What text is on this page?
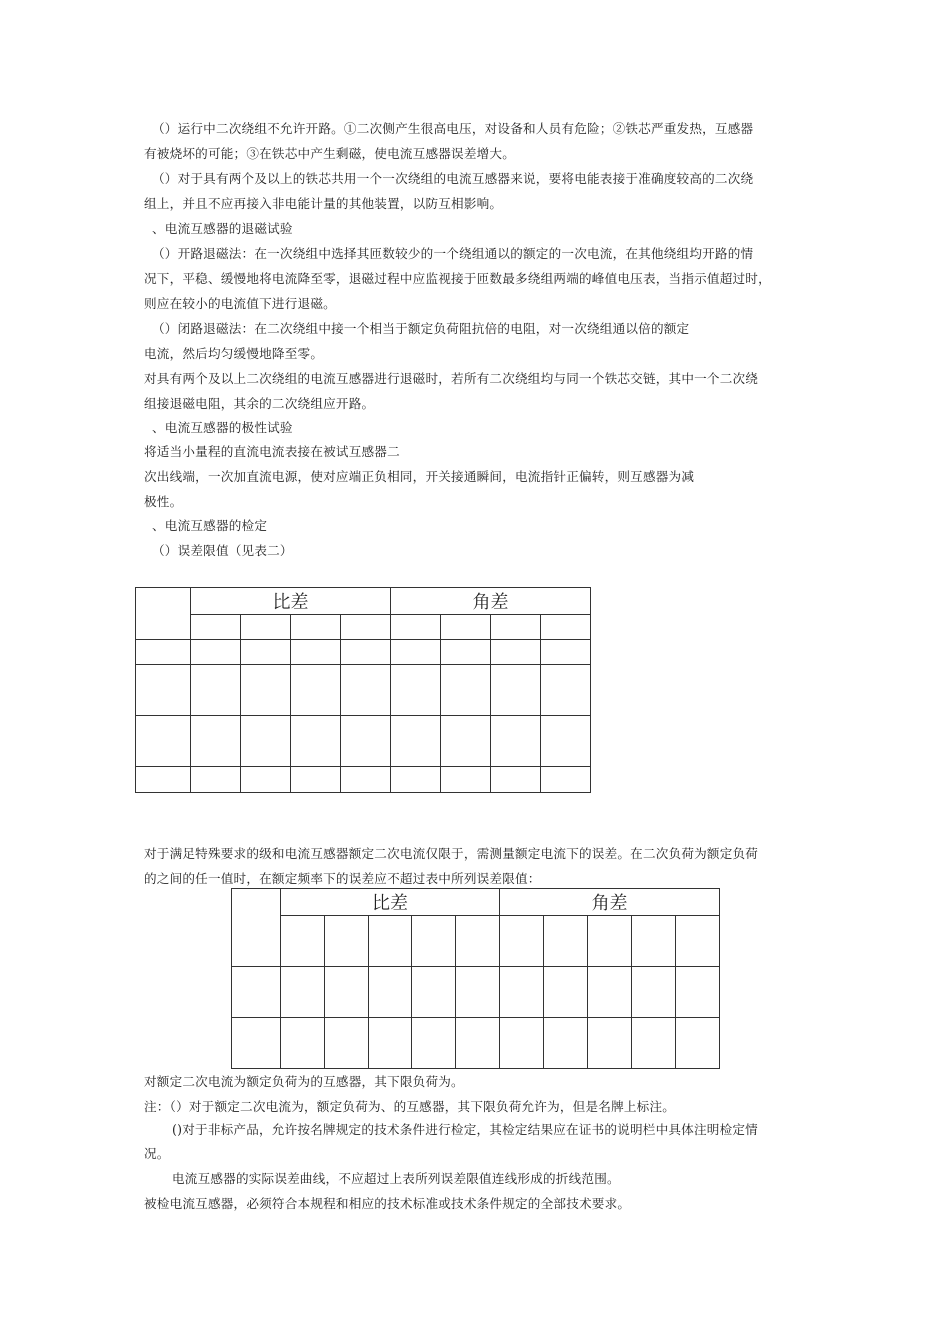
（）运行中二次绕组不允许开路。①二次侧产生很高电压，对设备和人员有危险；②铁芯严重发热，互感器
有被烧坏的可能；③在铁芯中产生剩磁，使电流互感器误差增大。
（）对于具有两个及以上的铁芯共用一个一次绕组的电流互感器来说，要将电能表接于准确度较高的二次绕
组上，并且不应再接入非电能计量的其他装置，以防互相影响。
、电流互感器的退磁试验
（）开路退磁法：在一次绕组中选择其匝数较少的一个绕组通以的额定的一次电流，在其他绕组均开路的情
况下，平稳、缓慢地将电流降至零，退磁过程中应监视接于匝数最多绕组两端的峰值电压表，当指示值超过时，
则应在较小的电流值下进行退磁。
（）闭路退磁法：在二次绕组中接一个相当于额定负荷阻抗倍的电阻，对一次绕组通以倍的额定
电流，然后均匀缓慢地降至零。
对具有两个及以上二次绕组的电流互感器进行退磁时，若所有二次绕组均与同一个铁芯交链，其中一个二次绕
组接退磁电阻，其余的二次绕组应开路。
、电流互感器的极性试验
将适当小量程的直流电流表接在被试互感器二
次出线端，一次加直流电源，使对应端正负相同，开关接通瞬间，电流指针正偏转，则互感器为减
极性。
、电流互感器的检定
（）误差限值（见表二）
	比差				角差			

对于满足特殊要求的级和电流互感器额定二次电流仅限于，需测量额定电流下的误差。在二次负荷为额定负荷
的之间的任一值时，在额定频率下的误差应不超过表中所列误差限值：
	比差					角差				

对额定二次电流为额定负荷为的互感器，其下限负荷为。
注：（）对于额定二次电流为，额定负荷为、的互感器，其下限负荷允许为，但是名牌上标注。
()对于非标产品，允许按名牌规定的技术条件进行检定，其检定结果应在证书的说明栏中具体注明检定情
况。
电流互感器的实际误差曲线，不应超过上表所列误差限值连线形成的折线范围。
被检电流互感器，必须符合本规程和相应的技术标准或技术条件规定的全部技术要求。
